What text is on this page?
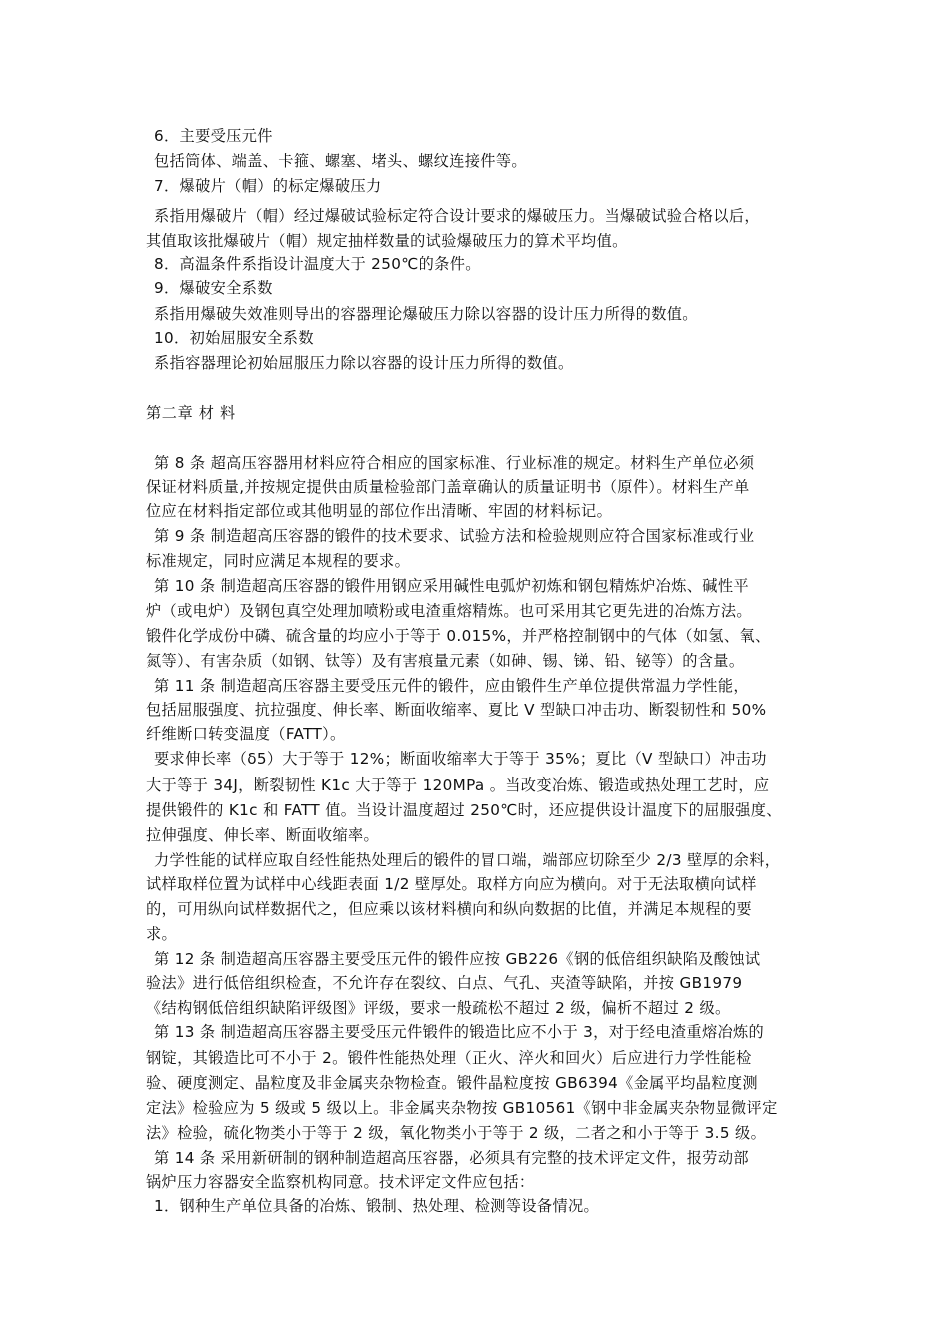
6．主要受压元件
包括筒体、端盖、卡箍、螺塞、堵头、螺纹连接件等。
7．爆破片（帽）的标定爆破压力
系指用爆破片（帽）经过爆破试验标定符合设计要求的爆破压力。当爆破试验合格以后，
其值取该批爆破片（帽）规定抽样数量的试验爆破压力的算术平均值。
8．高温条件系指设计温度大于 250℃的条件。
9．爆破安全系数
系指用爆破失效准则导出的容器理论爆破压力除以容器的设计压力所得的数值。
10．初始屈服安全系数
系指容器理论初始屈服压力除以容器的设计压力所得的数值。
第二章 材 料
第 8 条 超高压容器用材料应符合相应的国家标准、行业标准的规定。材料生产单位必须
保证材料质量,并按规定提供由质量检验部门盖章确认的质量证明书（原件）。材料生产单
位应在材料指定部位或其他明显的部位作出清晰、牢固的材料标记。
第 9 条 制造超高压容器的锻件的技术要求、试验方法和检验规则应符合国家标准或行业
标准规定，同时应满足本规程的要求。
第 10 条 制造超高压容器的锻件用钢应采用碱性电弧炉初炼和钢包精炼炉冶炼、碱性平
炉（或电炉）及钢包真空处理加喷粉或电渣重熔精炼。也可采用其它更先进的冶炼方法。
锻件化学成份中磷、硫含量的均应小于等于 0.015%，并严格控制钢中的气体（如氢、氧、
氮等）、有害杂质（如钢、钛等）及有害痕量元素（如砷、锡、锑、铅、铋等）的含量。
第 11 条 制造超高压容器主要受压元件的锻件，应由锻件生产单位提供常温力学性能，
包括屈服强度、抗拉强度、伸长率、断面收缩率、夏比 V 型缺口冲击功、断裂韧性和 50%
纤维断口转变温度（FATT）。
要求伸长率（δ5）大于等于 12%；断面收缩率大于等于 35%；夏比（V 型缺口）冲击功
大于等于 34J，断裂韧性 K1c 大于等于 120MPa 。当改变冶炼、锻造或热处理工艺时，应
提供锻件的 K1c 和 FATT 值。当设计温度超过 250℃时，还应提供设计温度下的屈服强度、
拉伸强度、伸长率、断面收缩率。
力学性能的试样应取自经性能热处理后的锻件的冒口端，端部应切除至少 2/3 壁厚的余料，
试样取样位置为试样中心线距表面 1/2 壁厚处。取样方向应为横向。对于无法取横向试样
的，可用纵向试样数据代之，但应乘以该材料横向和纵向数据的比值，并满足本规程的要
求。
第 12 条 制造超高压容器主要受压元件的锻件应按 GB226《钢的低倍组织缺陷及酸蚀试
验法》进行低倍组织检查，不允许存在裂纹、白点、气孔、夹渣等缺陷，并按 GB1979
《结构钢低倍组织缺陷评级图》评级，要求一般疏松不超过 2 级，偏析不超过 2 级。
第 13 条 制造超高压容器主要受压元件锻件的锻造比应不小于 3，对于经电渣重熔冶炼的
钢锭，其锻造比可不小于 2。锻件性能热处理（正火、淬火和回火）后应进行力学性能检
验、硬度测定、晶粒度及非金属夹杂物检查。锻件晶粒度按 GB6394《金属平均晶粒度测
定法》检验应为 5 级或 5 级以上。非金属夹杂物按 GB10561《钢中非金属夹杂物显微评定
法》检验，硫化物类小于等于 2 级，氧化物类小于等于 2 级，二者之和小于等于 3.5 级。
第 14 条 采用新研制的钢种制造超高压容器，必须具有完整的技术评定文件，报劳动部
锅炉压力容器安全监察机构同意。技术评定文件应包括：
1．钢种生产单位具备的冶炼、锻制、热处理、检测等设备情况。
